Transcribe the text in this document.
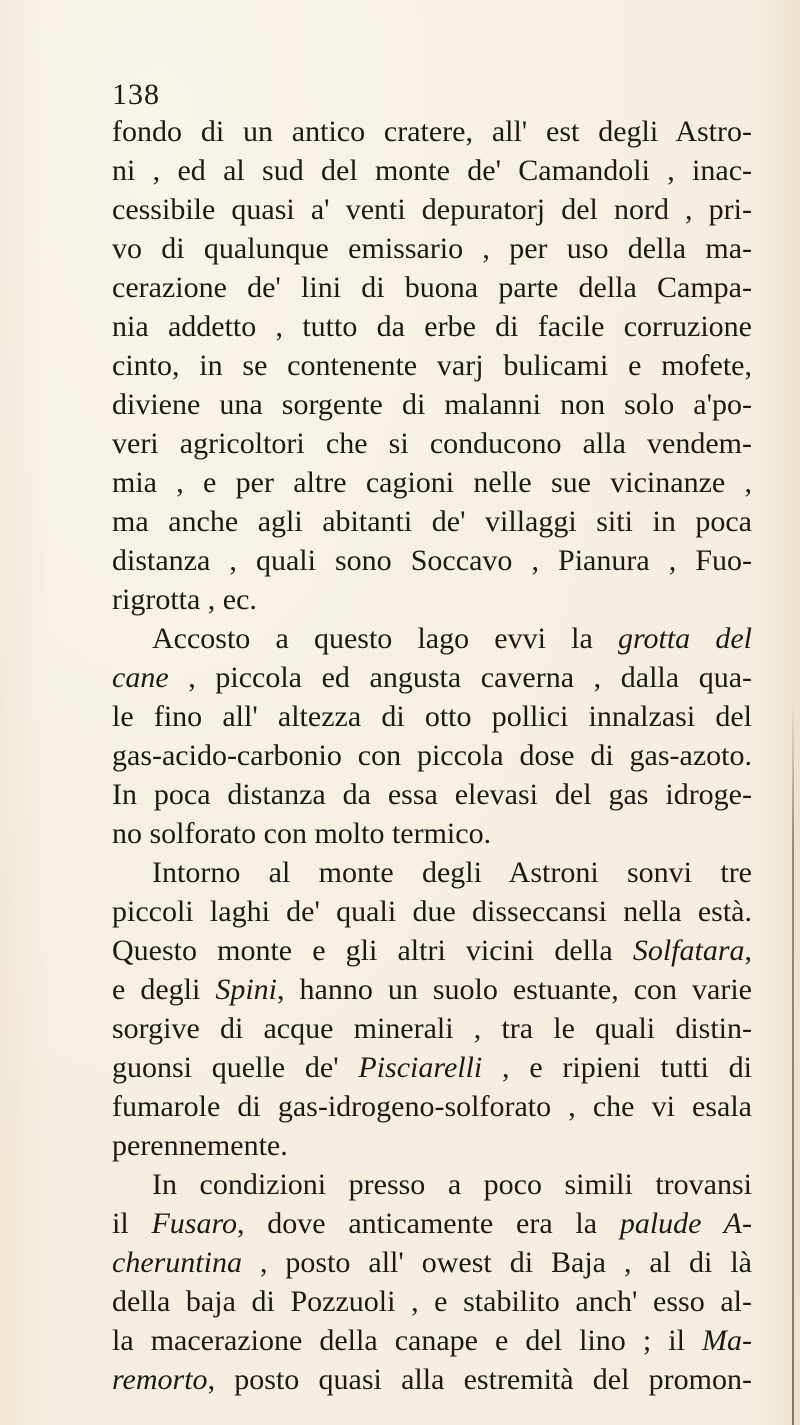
138
fondo di un antico cratere, all' est degli Astro-
ni , ed al sud del monte de' Camandoli , inac-
cessibile quasi a' venti depuratorj del nord , pri-
vo di qualunque emissario , per uso della ma-
cerazione de' lini di buona parte della Campa-
nia addetto , tutto da erbe di facile corruzione
cinto, in se contenente varj bulicami e mofete,
diviene una sorgente di malanni non solo a'po-
veri agricoltori che si conducono alla vendem-
mia , e per altre cagioni nelle sue vicinanze ,
ma anche agli abitanti de' villaggi siti in poca
distanza , quali sono Soccavo , Pianura , Fuo-
rigrotta , ec.
Accosto a questo lago evvi la grotta del
cane , piccola ed angusta caverna , dalla qua-
le fino all' altezza di otto pollici innalzasi del
gas-acido-carbonio con piccola dose di gas-azoto.
In poca distanza da essa elevasi del gas idroge-
no solforato con molto termico.
Intorno al monte degli Astroni sonvi tre
piccoli laghi de' quali due disseccansi nella està.
Questo monte e gli altri vicini della Solfatara,
e degli Spini, hanno un suolo estuante, con varie
sorgive di acque minerali , tra le quali distin-
guonsi quelle de' Pisciarelli , e ripieni tutti di
fumarole di gas-idrogeno-solforato , che vi esala
perennemente.
In condizioni presso a poco simili trovansi
il Fusaro, dove anticamente era la palude A-
cheruntina , posto all' owest di Baja , al di là
della baja di Pozzuoli , e stabilito anch' esso al-
la macerazione della canape e del lino ; il Ma-
remorto, posto quasi alla estremità del promon-
